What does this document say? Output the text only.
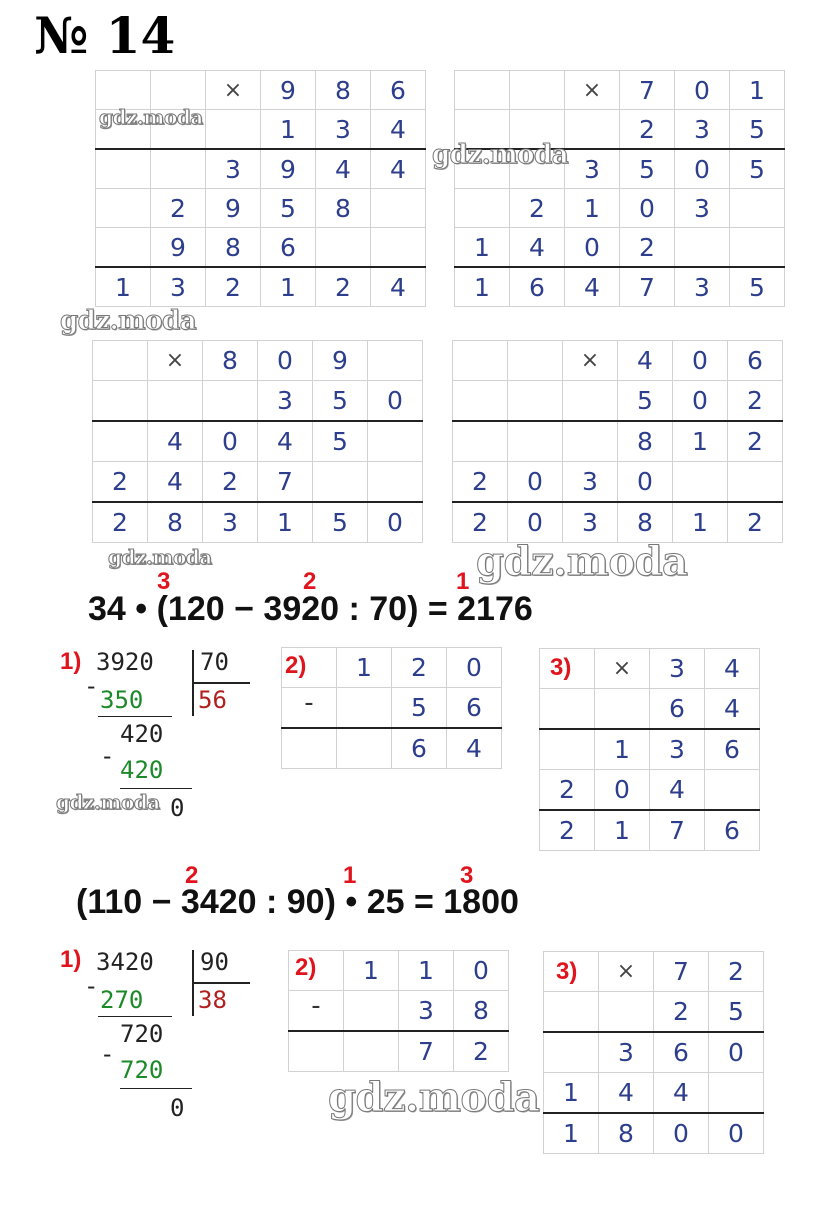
№ 14
		×	9	8	6
			1	3	4
		3	9	4	4
	2	9	5	8	
	9	8	6		
1	3	2	1	2	4
		×	7	0	1
			2	3	5
		3	5	0	5
	2	1	0	3	
1	4	0	2		
1	6	4	7	3	5
	×	8	0	9	
			3	5	0
	4	0	4	5	
2	4	2	7		
2	8	3	1	5	0
		×	4	0	6
			5	0	2
			8	1	2
2	0	3	0		
2	0	3	8	1	2
3	2	1
34 • (120 − 3920 : 70) = 2176
1) 3920 70
56
- 350
420
- 420
0
2)
	1	2	0
-		5	6
		6	4
3)
	×	3	4
		6	4
	1	3	6
2	0	4	
2	1	7	6
2	1	3
(110 − 3420 : 90) • 25 = 1800
1) 3420 90
38
- 270
720
-
720
0
2)
	1	1	0
-		3	8
		7	2
3)
	×	7	2
		2	5
	3	6	0
1	4	4	
1	8	0	0
gdz.moda
gdz.moda
gdz.moda
gdz.moda	gdz.moda
gdz.moda
gdz.moda
